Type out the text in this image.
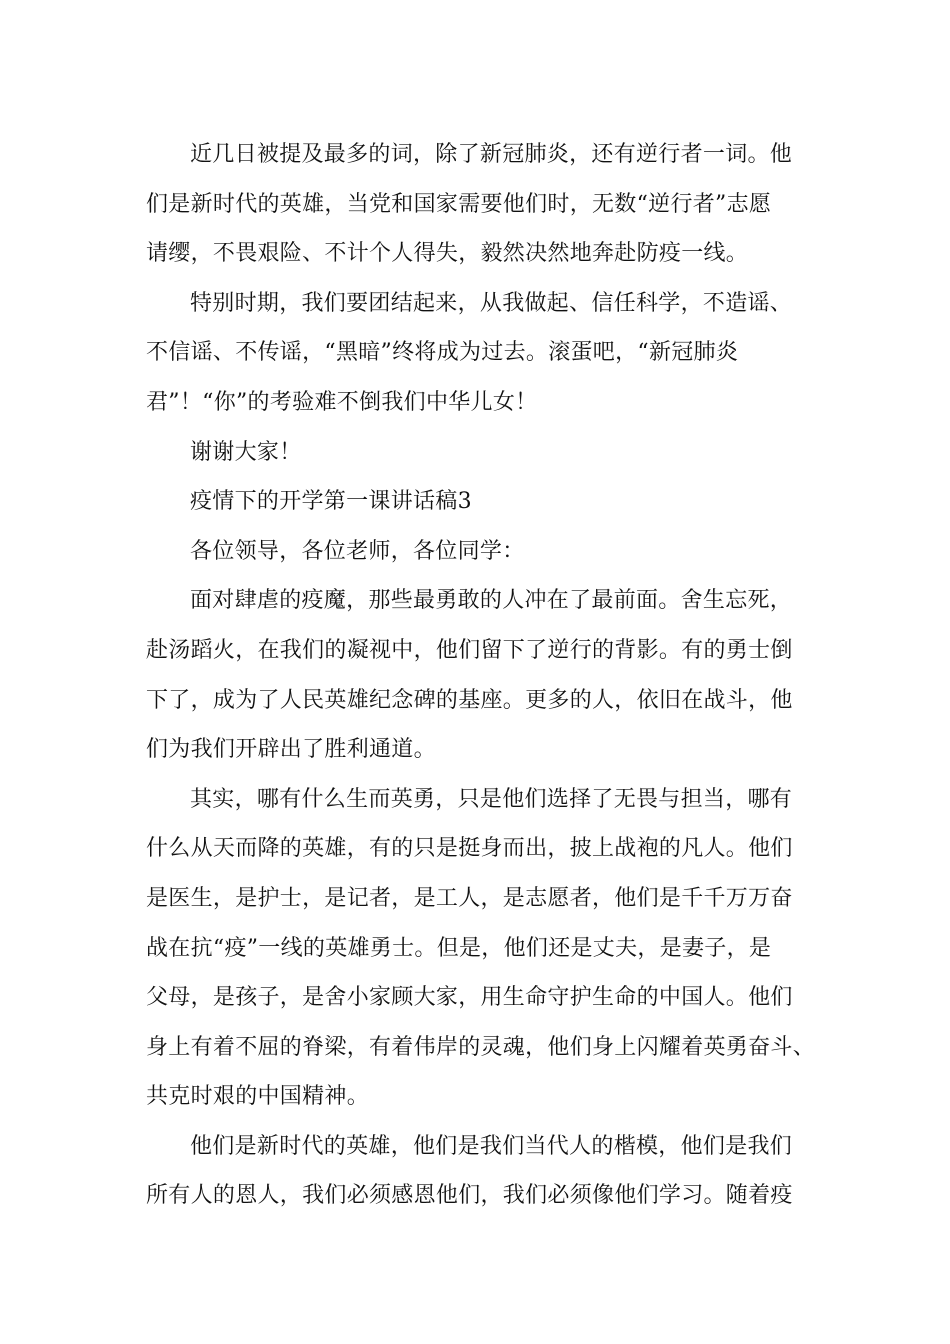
近几日被提及最多的词，除了新冠肺炎，还有逆行者一词。他
们是新时代的英雄，当党和国家需要他们时，无数“逆行者”志愿
请缨，不畏艰险、不计个人得失，毅然决然地奔赴防疫一线。
特别时期，我们要团结起来，从我做起、信任科学，不造谣、
不信谣、不传谣，“黑暗”终将成为过去。滚蛋吧，“新冠肺炎
君”！“你”的考验难不倒我们中华儿女！
谢谢大家！
疫情下的开学第一课讲话稿3
各位领导，各位老师，各位同学：
面对肆虐的疫魔，那些最勇敢的人冲在了最前面。舍生忘死，
赴汤蹈火，在我们的凝视中，他们留下了逆行的背影。有的勇士倒
下了，成为了人民英雄纪念碑的基座。更多的人，依旧在战斗，他
们为我们开辟出了胜利通道。
其实，哪有什么生而英勇，只是他们选择了无畏与担当，哪有
什么从天而降的英雄，有的只是挺身而出，披上战袍的凡人。他们
是医生，是护士，是记者，是工人，是志愿者，他们是千千万万奋
战在抗“疫”一线的英雄勇士。但是，他们还是丈夫，是妻子，是
父母，是孩子，是舍小家顾大家，用生命守护生命的中国人。他们
身上有着不屈的脊梁，有着伟岸的灵魂，他们身上闪耀着英勇奋斗、
共克时艰的中国精神。
他们是新时代的英雄，他们是我们当代人的楷模，他们是我们
所有人的恩人，我们必须感恩他们，我们必须像他们学习。随着疫
